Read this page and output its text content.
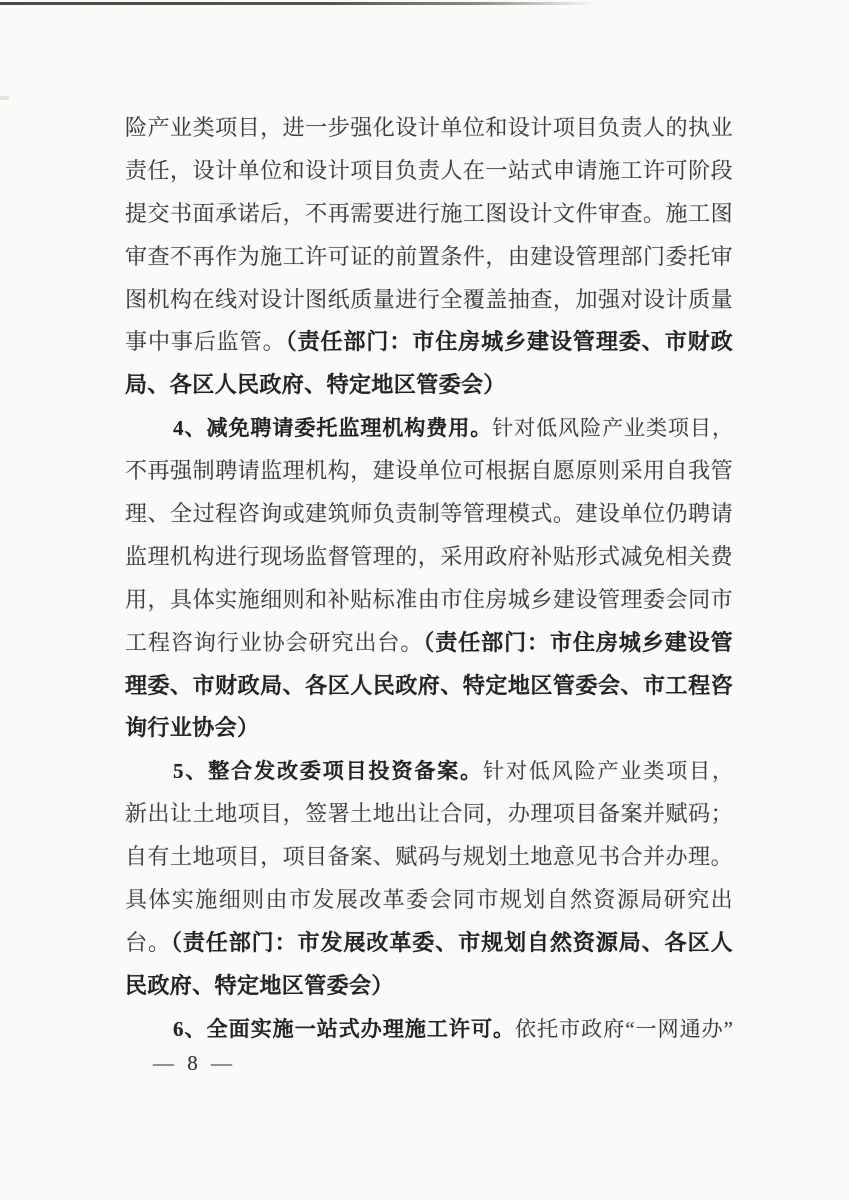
险产业类项目，进一步强化设计单位和设计项目负责人的执业
责任，设计单位和设计项目负责人在一站式申请施工许可阶段
提交书面承诺后，不再需要进行施工图设计文件审查。施工图
审查不再作为施工许可证的前置条件，由建设管理部门委托审
图机构在线对设计图纸质量进行全覆盖抽查，加强对设计质量
事中事后监管。（责任部门：市住房城乡建设管理委、市财政
局、各区人民政府、特定地区管委会）
4、减免聘请委托监理机构费用。针对低风险产业类项目，
不再强制聘请监理机构，建设单位可根据自愿原则采用自我管
理、全过程咨询或建筑师负责制等管理模式。建设单位仍聘请
监理机构进行现场监督管理的，采用政府补贴形式减免相关费
用，具体实施细则和补贴标准由市住房城乡建设管理委会同市
工程咨询行业协会研究出台。（责任部门：市住房城乡建设管
理委、市财政局、各区人民政府、特定地区管委会、市工程咨
询行业协会）
5、整合发改委项目投资备案。针对低风险产业类项目，
新出让土地项目，签署土地出让合同，办理项目备案并赋码；
自有土地项目，项目备案、赋码与规划土地意见书合并办理。
具体实施细则由市发展改革委会同市规划自然资源局研究出
台。（责任部门：市发展改革委、市规划自然资源局、各区人
民政府、特定地区管委会）
6、全面实施一站式办理施工许可。依托市政府“一网通办”
— 8 —
